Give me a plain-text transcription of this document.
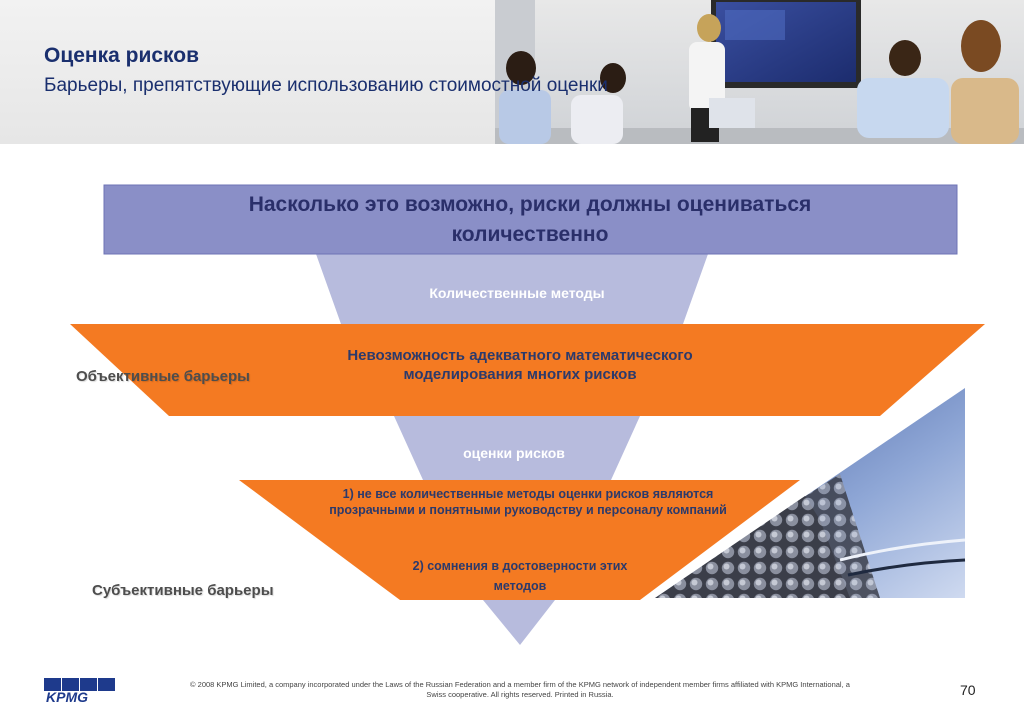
Оценка рисков
Барьеры, препятствующие использованию стоимостной оценки
Насколько это возможно, риски должны оцениваться количественно
Количественные методы
Невозможность адекватного математического моделирования многих рисков
Объективные барьеры
оценки рисков
1) не все количественные методы оценки рисков являются прозрачными и понятными руководству и персоналу компаний
2) сомнения в достоверности этих методов
Субъективные барьеры
KPMG
© 2008 KPMG Limited, a company incorporated under the Laws of the Russian Federation and a member firm of the KPMG network of independent member firms affiliated with KPMG International, a Swiss cooperative. All rights reserved. Printed in Russia.	70
